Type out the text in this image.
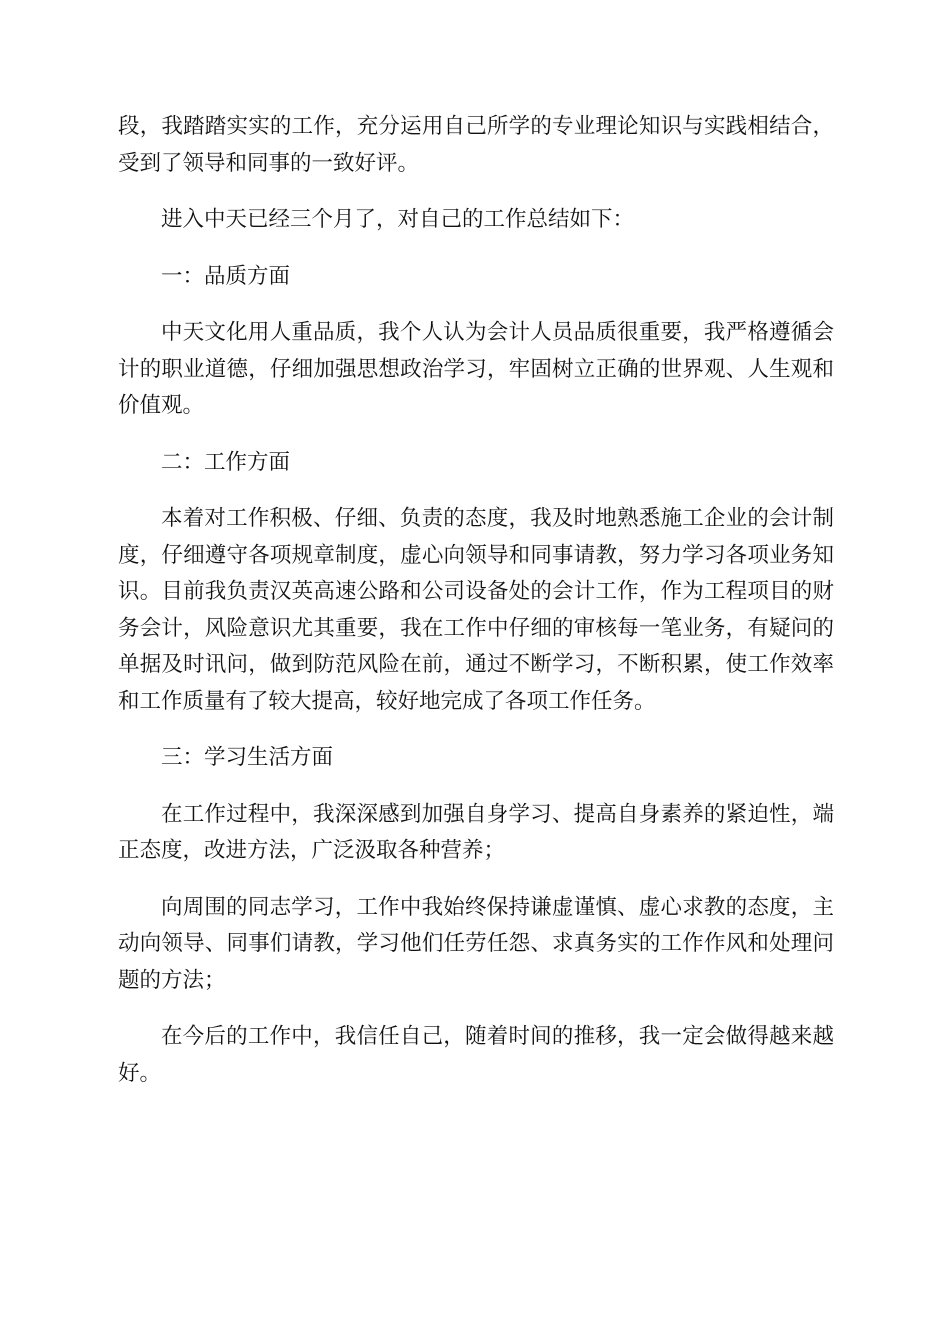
段，我踏踏实实的工作，充分运用自己所学的专业理论知识与实践相结合，受到了领导和同事的一致好评。

进入中天已经三个月了，对自己的工作总结如下：

一：品质方面

中天文化用人重品质，我个人认为会计人员品质很重要，我严格遵循会计的职业道德，仔细加强思想政治学习，牢固树立正确的世界观、人生观和价值观。

二：工作方面

本着对工作积极、仔细、负责的态度，我及时地熟悉施工企业的会计制度，仔细遵守各项规章制度，虚心向领导和同事请教，努力学习各项业务知识。目前我负责汉英高速公路和公司设备处的会计工作，作为工程项目的财务会计，风险意识尤其重要，我在工作中仔细的审核每一笔业务，有疑问的单据及时讯问，做到防范风险在前，通过不断学习，不断积累，使工作效率和工作质量有了较大提高，较好地完成了各项工作任务。

三：学习生活方面

在工作过程中，我深深感到加强自身学习、提高自身素养的紧迫性，端正态度，改进方法，广泛汲取各种营养；

向周围的同志学习，工作中我始终保持谦虚谨慎、虚心求教的态度，主动向领导、同事们请教，学习他们任劳任怨、求真务实的工作作风和处理问题的方法；

在今后的工作中，我信任自己，随着时间的推移，我一定会做得越来越好。
